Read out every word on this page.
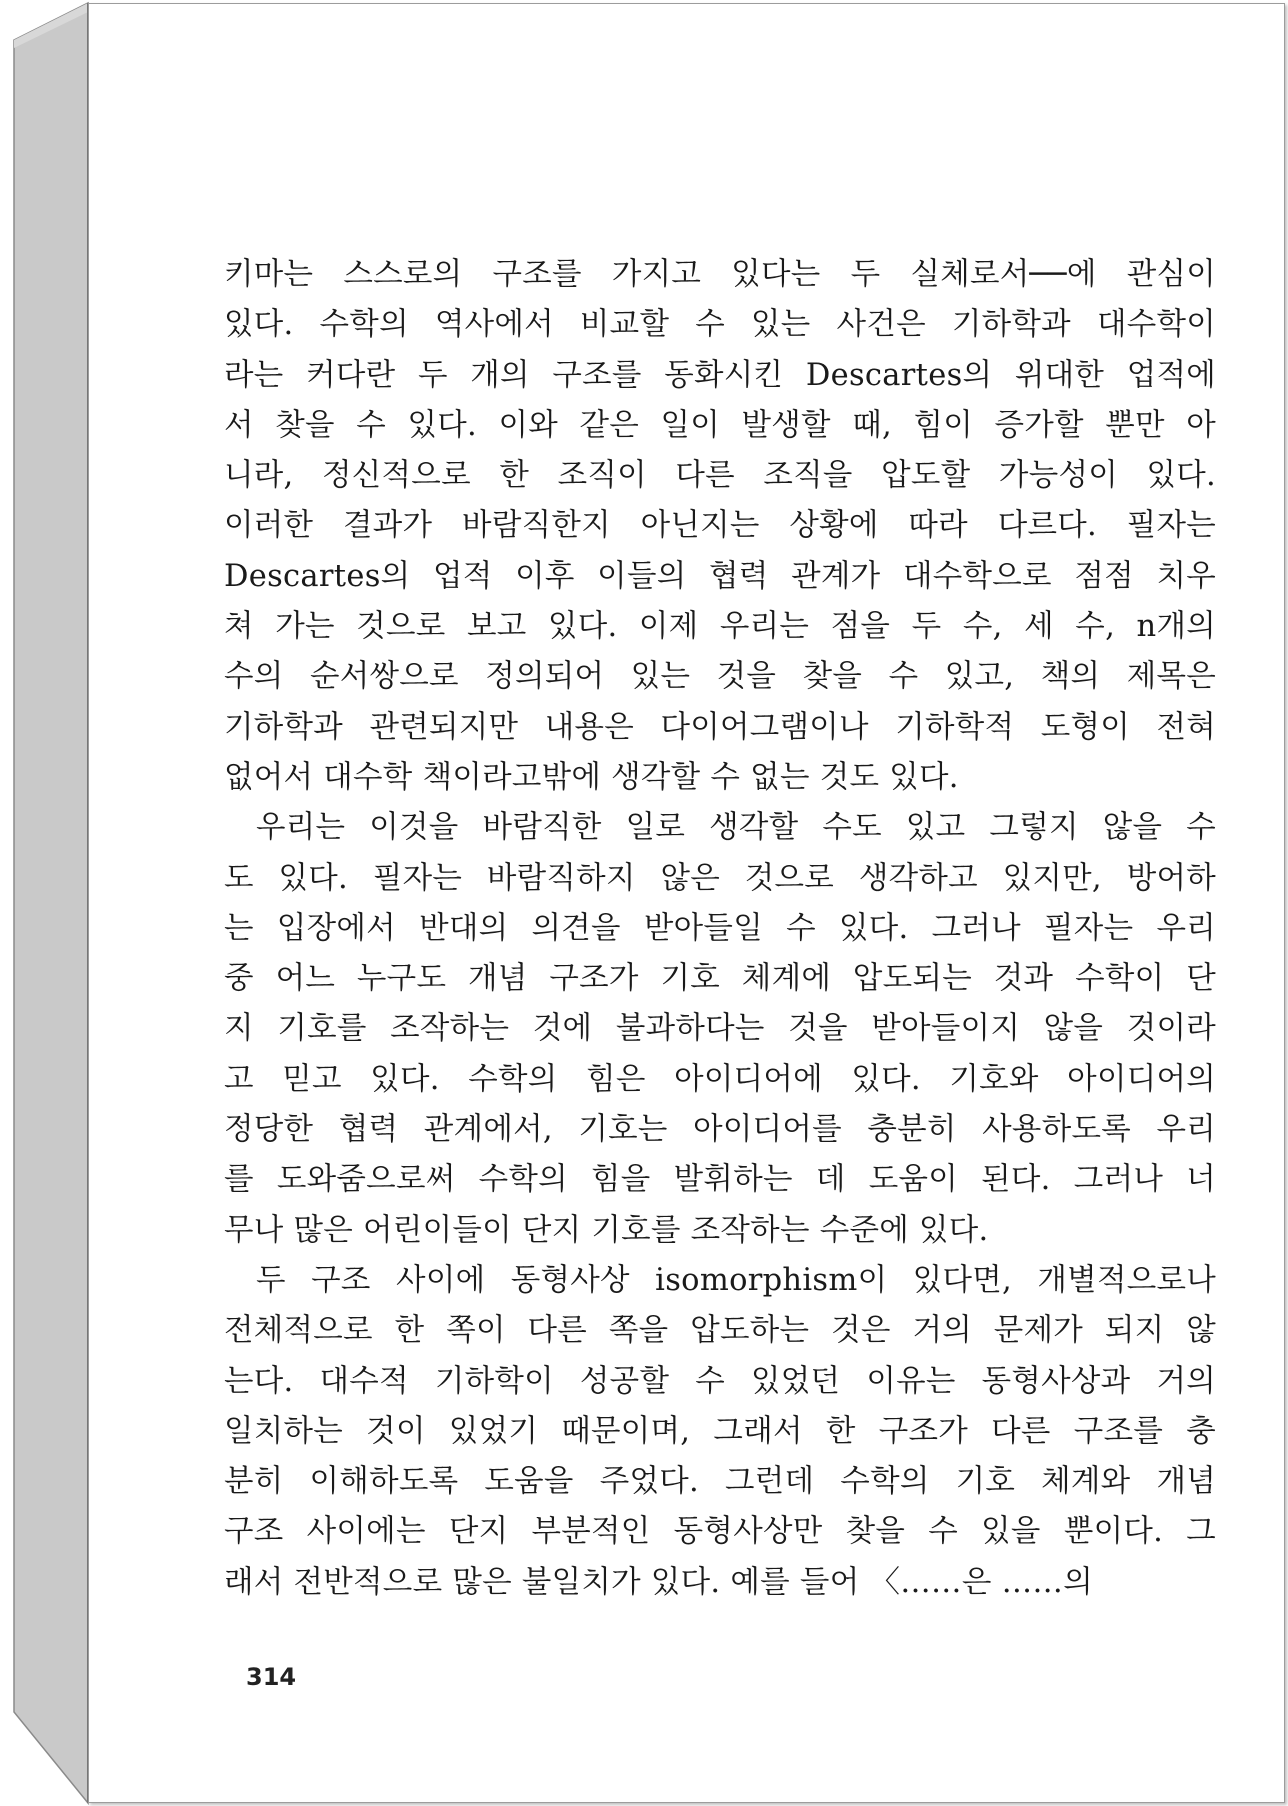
키마는 스스로의 구조를 가지고 있다는 두 실체로서──에 관심이
있다. 수학의 역사에서 비교할 수 있는 사건은 기하학과 대수학이
라는 커다란 두 개의 구조를 동화시킨 Descartes의 위대한 업적에
서 찾을 수 있다. 이와 같은 일이 발생할 때, 힘이 증가할 뿐만 아
니라, 정신적으로 한 조직이 다른 조직을 압도할 가능성이 있다.
이러한 결과가 바람직한지 아닌지는 상황에 따라 다르다. 필자는
Descartes의 업적 이후 이들의 협력 관계가 대수학으로 점점 치우
쳐 가는 것으로 보고 있다. 이제 우리는 점을 두 수, 세 수, n개의
수의 순서쌍으로 정의되어 있는 것을 찾을 수 있고, 책의 제목은
기하학과 관련되지만 내용은 다이어그램이나 기하학적 도형이 전혀
없어서 대수학 책이라고밖에 생각할 수 없는 것도 있다.
우리는 이것을 바람직한 일로 생각할 수도 있고 그렇지 않을 수
도 있다. 필자는 바람직하지 않은 것으로 생각하고 있지만, 방어하
는 입장에서 반대의 의견을 받아들일 수 있다. 그러나 필자는 우리
중 어느 누구도 개념 구조가 기호 체계에 압도되는 것과 수학이 단
지 기호를 조작하는 것에 불과하다는 것을 받아들이지 않을 것이라
고 믿고 있다. 수학의 힘은 아이디어에 있다. 기호와 아이디어의
정당한 협력 관계에서, 기호는 아이디어를 충분히 사용하도록 우리
를 도와줌으로써 수학의 힘을 발휘하는 데 도움이 된다. 그러나 너
무나 많은 어린이들이 단지 기호를 조작하는 수준에 있다.
두 구조 사이에 동형사상 isomorphism이 있다면, 개별적으로나
전체적으로 한 쪽이 다른 쪽을 압도하는 것은 거의 문제가 되지 않
는다. 대수적 기하학이 성공할 수 있었던 이유는 동형사상과 거의
일치하는 것이 있었기 때문이며, 그래서 한 구조가 다른 구조를 충
분히 이해하도록 도움을 주었다. 그런데 수학의 기호 체계와 개념
구조 사이에는 단지 부분적인 동형사상만 찾을 수 있을 뿐이다. 그
래서 전반적으로 많은 불일치가 있다. 예를 들어 〈……은 ……의
314
